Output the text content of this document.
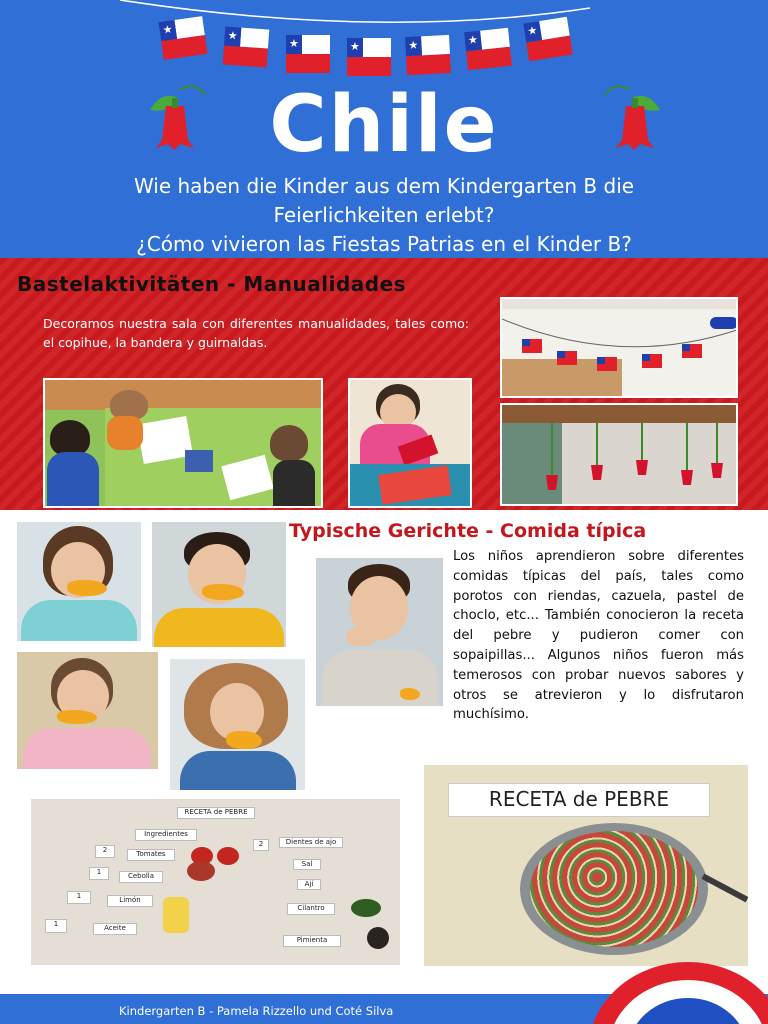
★	★
★	★	★	★
★
Chile
Wie haben die Kinder aus dem Kindergarten B die
Feierlichkeiten erlebt?
¿Cómo vivieron las Fiestas Patrias en el Kinder B?
Bastelaktivitäten - Manualidades
Decoramos nuestra sala con diferentes manualidades, tales como: el copihue, la bandera y guirnaldas.
Typische Gerichte - Comida típica
Los niños aprendieron sobre diferentes comidas típicas del país, tales como porotos con riendas, cazuela, pastel de choclo, etc... También conocieron la receta del pebre y pudieron comer con sopaipillas... Algunos niños fueron más temerosos con probar nuevos sabores y otros se atrevieron y lo disfrutaron muchísimo.
RECETA de PEBRE
Ingredientes
2	Tomates
1	Cebolla
1	Limón
1	Aceite
2	Dientes de ajo
Sal
Ají
Cilantro
Pimienta
RECETA de PEBRE
Kindergarten B - Pamela Rizzello und Coté Silva
